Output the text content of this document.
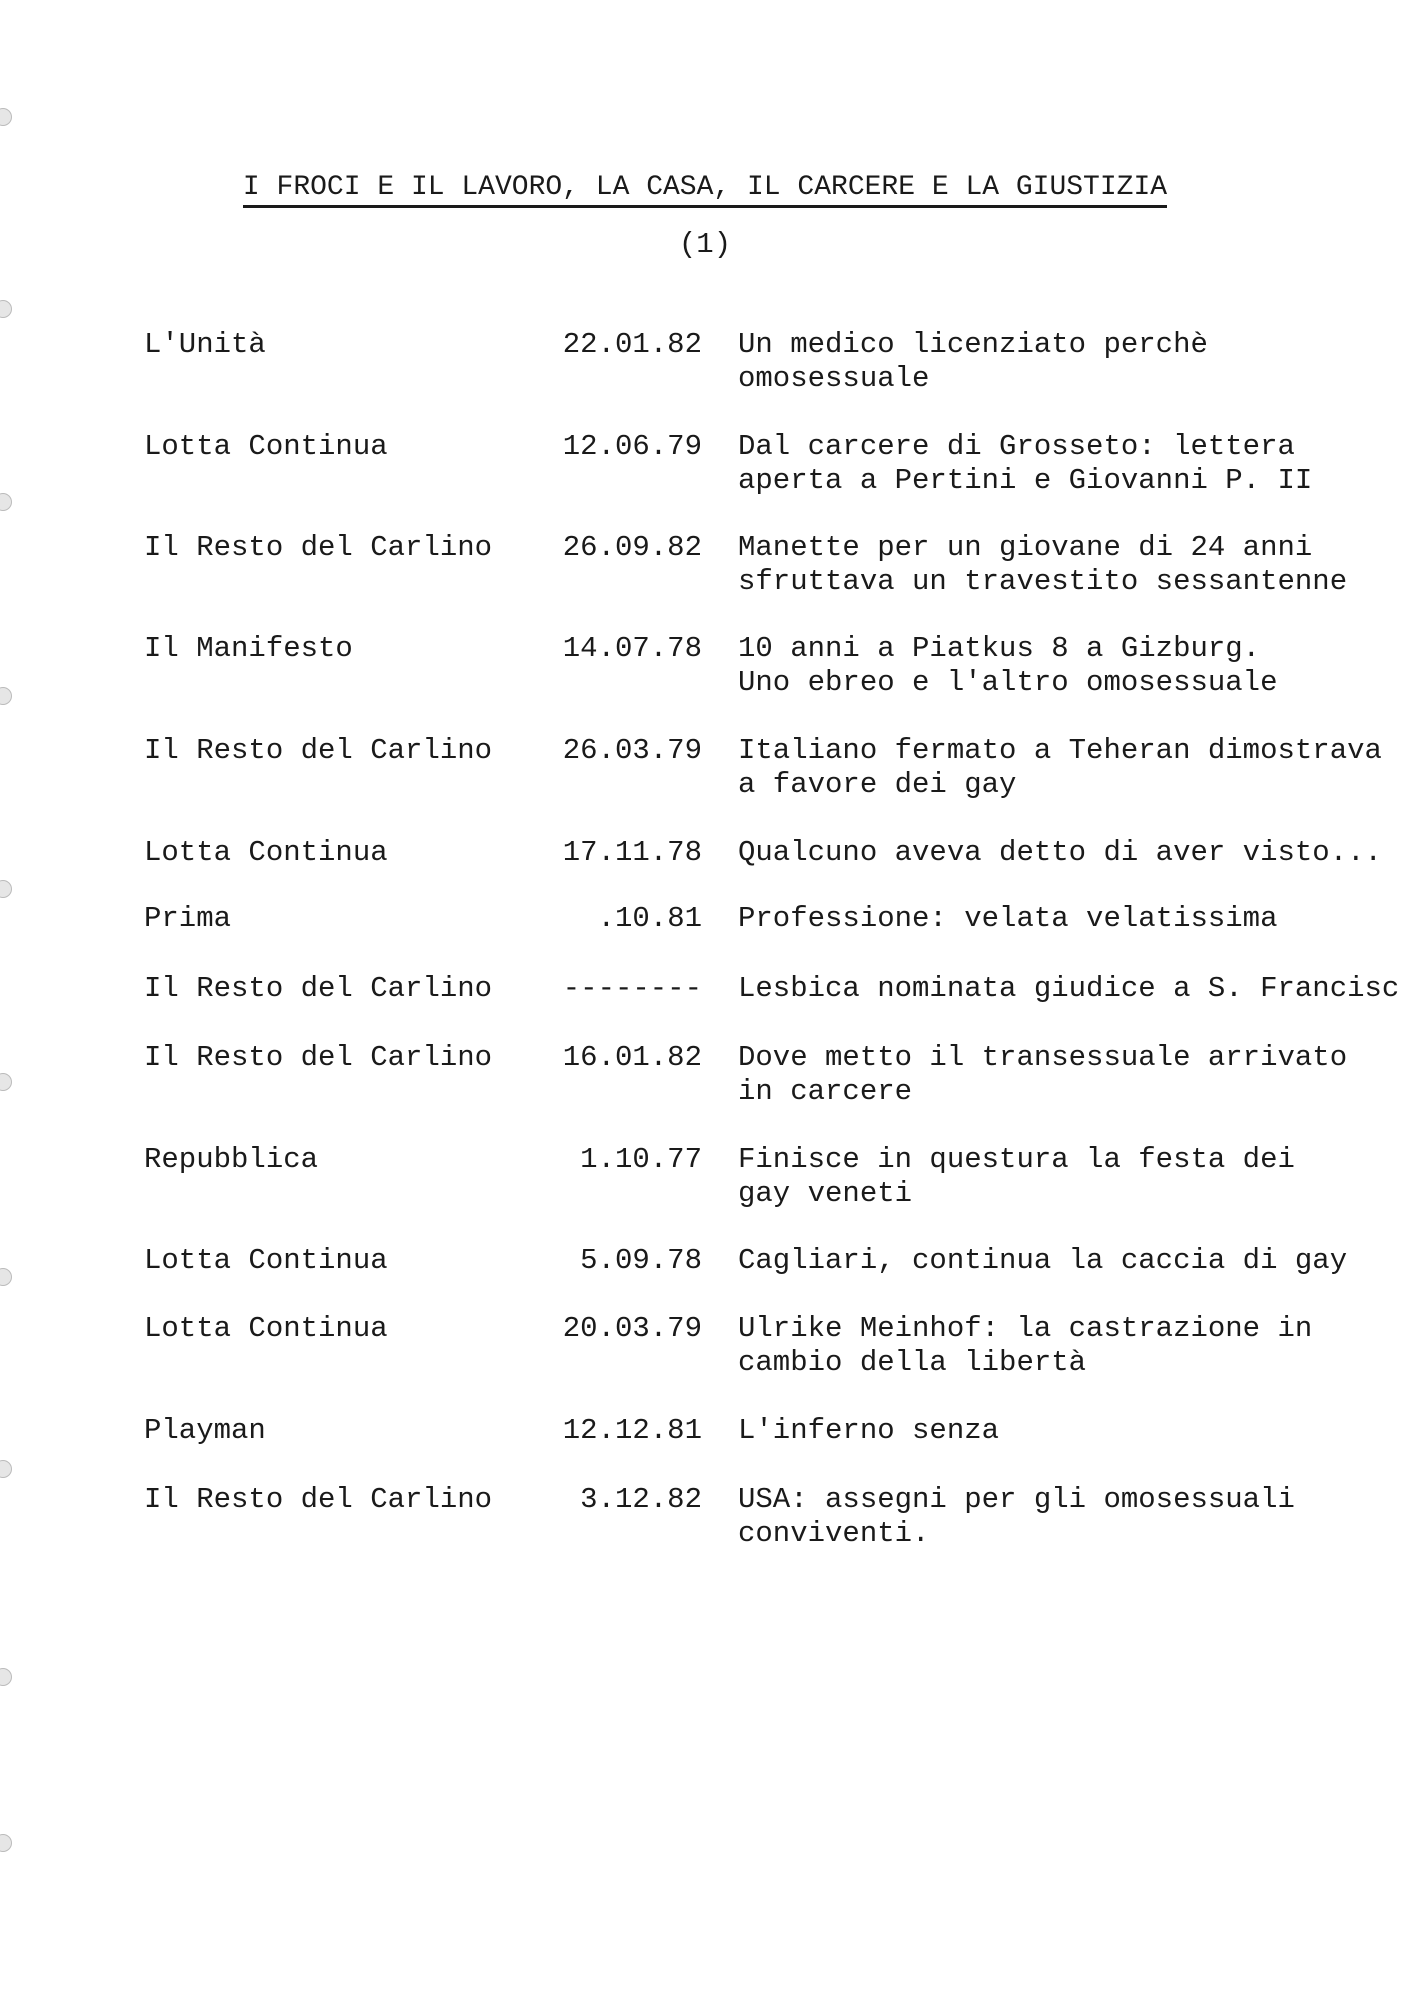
I FROCI E IL LAVORO, LA CASA, IL CARCERE E LA GIUSTIZIA
(1)
L'Unità	22.01.82 Un medico licenziato perchè
omosessuale
Lotta Continua	12.06.79 Dal carcere di Grosseto: lettera
aperta a Pertini e Giovanni P. II
Il Resto del Carlino 26.09.82 Manette per un giovane di 24 anni
sfruttava un travestito sessantenne
Il Manifesto	14.07.78 10 anni a Piatkus 8 a Gizburg.
Uno ebreo e l'altro omosessuale
Il Resto del Carlino 26.03.79 Italiano fermato a Teheran dimostrava
a favore dei gay
Lotta Continua	17.11.78 Qualcuno aveva detto di aver visto...
Prima	.10.81 Professione: velata velatissima
Il Resto del Carlino -------- Lesbica nominata giudice a S. Francisc
Il Resto del Carlino 16.01.82 Dove metto il transessuale arrivato
in carcere
Repubblica	1.10.77 Finisce in questura la festa dei
gay veneti
Lotta Continua	5.09.78 Cagliari, continua la caccia di gay
Lotta Continua	20.03.79 Ulrike Meinhof: la castrazione in
cambio della libertà
Playman	12.12.81 L'inferno senza
Il Resto del Carlino	3.12.82 USA: assegni per gli omosessuali
conviventi.
